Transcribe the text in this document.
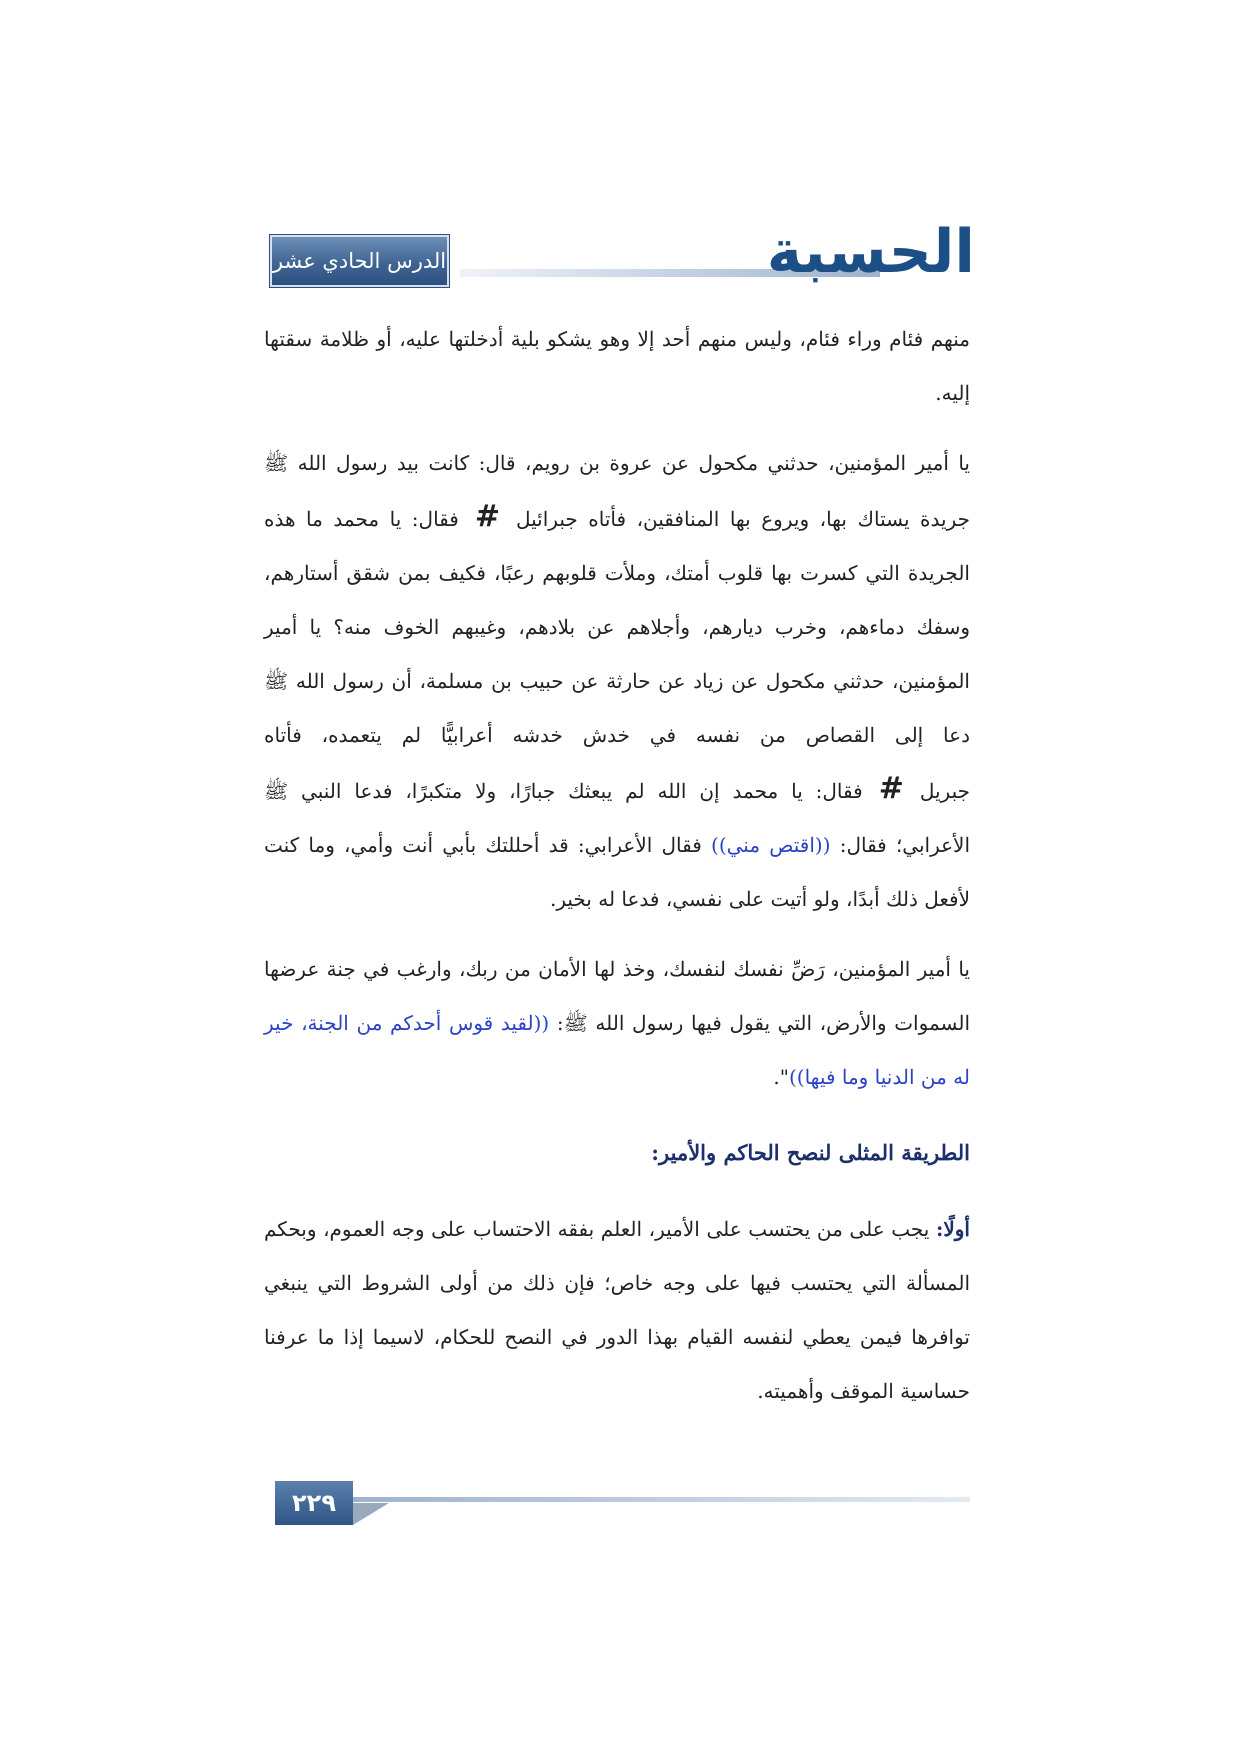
الحسبة
الدرس الحادي عشر

منهم فئام وراء فئام، وليس منهم أحد إلا وهو يشكو بلية أدخلتها عليه، أو ظلامة سقتها إليه.

يا أمير المؤمنين، حدثني مكحول عن عروة بن رويم، قال: كانت بيد رسول الله ﷺ جريدة يستاك بها، ويروع بها المنافقين، فأتاه جبرائيل#فقال: يا محمد ما هذه الجريدة التي كسرت بها قلوب أمتك، وملأت قلوبهم رعبًا، فكيف بمن شقق أستارهم، وسفك دماءهم، وخرب ديارهم، وأجلاهم عن بلادهم، وغيبهم الخوف منه؟ يا أمير المؤمنين، حدثني مكحول عن زياد عن حارثة عن حبيب بن مسلمة، أن رسول الله ﷺ دعا إلى القصاص من نفسه في خدش خدشه أعرابيًّا لم يتعمده، فأتاه جبريل#فقال: يا محمد إن الله لم يبعثك جبارًا، ولا متكبرًا، فدعا النبي ﷺ الأعرابي؛ فقال: ((اقتص مني)) فقال الأعرابي: قد أحللتك بأبي أنت وأمي، وما كنت لأفعل ذلك أبدًا، ولو أتيت على نفسي، فدعا له بخير.

يا أمير المؤمنين، رَضِّ نفسك لنفسك، وخذ لها الأمان من ربك، وارغب في جنة عرضها السموات والأرض، التي يقول فيها رسول الله ﷺ: ((لقيد قوس أحدكم من الجنة، خير له من الدنيا وما فيها))".

الطريقة المثلى لنصح الحاكم والأمير:

أولًا: يجب على من يحتسب على الأمير، العلم بفقه الاحتساب على وجه العموم، وبحكم المسألة التي يحتسب فيها على وجه خاص؛ فإن ذلك من أولى الشروط التي ينبغي توافرها فيمن يعطي لنفسه القيام بهذا الدور في النصح للحكام، لاسيما إذا ما عرفنا حساسية الموقف وأهميته.

٢٢٩
